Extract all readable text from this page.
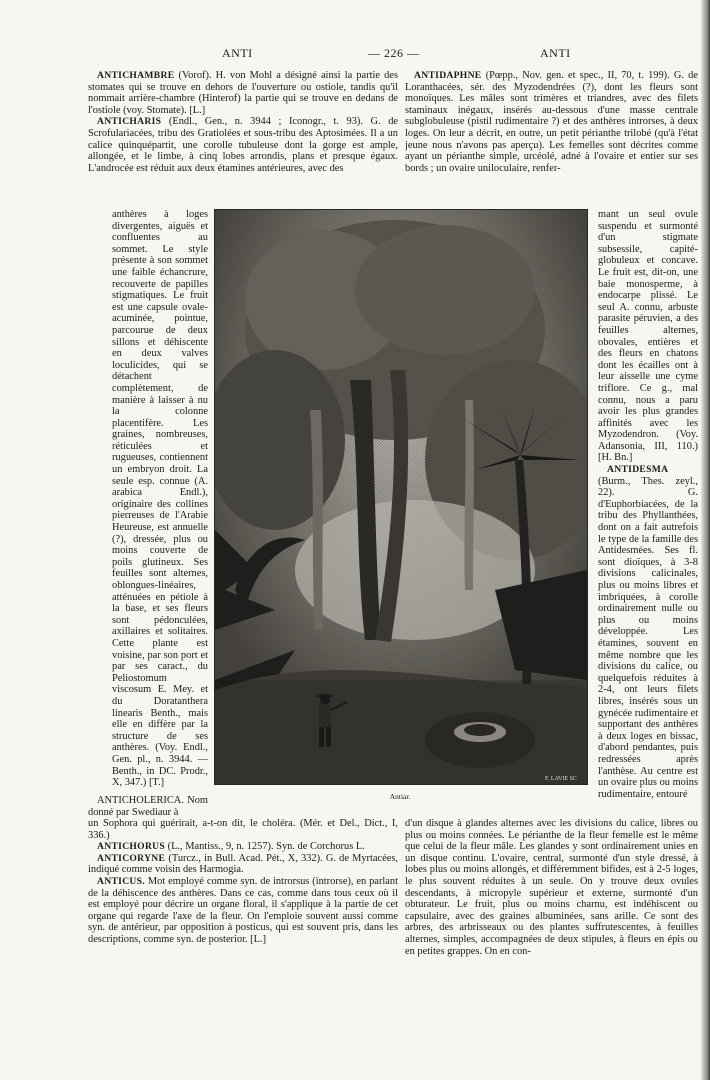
ANTI	— 226 —	ANTI

ANTICHAMBRE (Vorof). H. von Mohl a désigné ainsi la partie des stomates qui se trouve en dehors de l'ouverture ou ostiole, tandis qu'il nommait arrière-chambre (Hinterof) la partie qui se trouve en dedans de l'ostiole (voy. Stomate). [L.]

ANTICHARIS (Endl., Gen., n. 3944 ; Iconogr., t. 93). G. de Scrofulariacées, tribu des Gratiolées et sous-tribu des Aptosimées. Il a un calice quinquépartit, une corolle tubuleuse dont la gorge est ample, allongée, et le limbe, à cinq lobes arrondis, plans et presque égaux. L'androcée est réduit aux deux étamines antérieures, avec des

anthères à loges divergentes, aiguës et confluentes au sommet. Le style présente à son sommet une faible échancrure, recouverte de papilles stigmatiques. Le fruit est une capsule ovale-acuminée, pointue, parcourue de deux sillons et déhiscente en deux valves loculicides, qui se détachent complètement, de manière à laisser à nu la colonne placentifère. Les graines, nombreuses, réticulées et rugueuses, contiennent un embryon droit. La seule esp. connue (A. arabica Endl.), originaire des collines pierreuses de l'Arabie Heureuse, est annuelle (?), dressée, plus ou moins couverte de poils glutineux. Ses feuilles sont alternes, oblongues-linéaires, atténuées en pétiole à la base, et ses fleurs sont pédonculées, axillaires et solitaires. Cette plante est voisine, par son port et par ses caract., du Peliostomum viscosum E. Mey. et du Doratanthera linearis Benth., mais elle en diffère par la structure de ses anthères. (Voy. Endl., Gen. pl., n. 3944. — Benth., in DC. Prodr., X, 347.) [T.]

ANTICHOLERICA. Nom donné par Swediaur à

un Sophora qui guérirait, a-t-on dit, le choléra. (Mér. et Del., Dict., I, 336.)

ANTICHORUS (L., Mantiss., 9, n. 1257). Syn. de Corchorus L.

ANTICORYNE (Turcz., in Bull. Acad. Pét., X, 332). G. de Myrtacées, indiqué comme voisin des Harmogia.

ANTICUS. Mot employé comme syn. de introrsus (introrse), en parlant de la déhiscence des anthères. Dans ce cas, comme dans tous ceux où il est employé pour décrire un organe floral, il s'applique à la partie de cet organe qui regarde l'axe de la fleur. On l'emploie souvent aussi comme syn. de antérieur, par opposition à posticus, qui est souvent pris, dans les descriptions, comme syn. de posterior. [L.]

ANTIDAPHNE (Pœpp., Nov. gen. et spec., II, 70, t. 199). G. de Loranthacées, sér. des Myzodendrées (?), dont les fleurs sont monoïques. Les mâles sont trimères et triandres, avec des filets staminaux inégaux, insérés au-dessous d'une masse centrale subglobuleuse (pistil rudimentaire ?) et des anthères introrses, à deux loges. On leur a décrit, en outre, un petit périanthe trilobé (qu'à l'état jeune nous n'avons pas aperçu). Les femelles sont décrites comme ayant un périanthe simple, urcéolé, adné à l'ovaire et entier sur ses bords ; un ovaire uniloculaire, renfer-

mant un seul ovule suspendu et surmonté d'un stigmate subsessile, capité-globuleux et concave. Le fruit est, dit-on, une baie monosperme, à endocarpe plissé. Le seul A. connu, arbuste parasite péruvien, a des feuilles alternes, obovales, entières et des fleurs en chatons dont les écailles ont à leur aisselle une cyme triflore. Ce g., mal connu, nous a paru avoir les plus grandes affinités avec les Myzodendron. (Voy. Adansonia, III, 110.) [H. Bn.]

ANTIDESMA (Burm., Thes. zeyl., 22). G. d'Euphorbiacées, de la tribu des Phyllanthées, dont on a fait autrefois le type de la famille des Antidesmées. Ses fl. sont dioïques, à 3-8 divisions calicinales, plus ou moins libres et imbriquées, à corolle ordinairement nulle ou plus ou moins développée. Les étamines, souvent en même nombre que les divisions du calice, ou quelquefois réduites à 2-4, ont leurs filets libres, insérés sous un gynécée rudimentaire et supportant des anthères à deux loges en bissac, d'abord pendantes, puis redressées après l'anthèse. Au centre est un ovaire plus ou moins rudimentaire, entouré

d'un disque à glandes alternes avec les divisions du calice, libres ou plus ou moins connées. Le périanthe de la fleur femelle est le même que celui de la fleur mâle. Les glandes y sont ordinairement unies en un disque continu. L'ovaire, central, surmonté d'un style dressé, à lobes plus ou moins allongés, et différemment bifides, est à 2-5 loges, le plus souvent réduites à un seule. On y trouve deux ovules descendants, à micropyle supérieur et externe, surmonté d'un obturateur. Le fruit, plus ou moins charnu, est indéhiscent ou capsulaire, avec des graines albuminées, sans arille. Ce sont des arbres, des arbrisseaux ou des plantes suffrutescentes, à feuilles alternes, simples, accompagnées de deux stipules, à fleurs en épis ou en petites grappes. On en con-

F. LAVIE SC
Antiar.
